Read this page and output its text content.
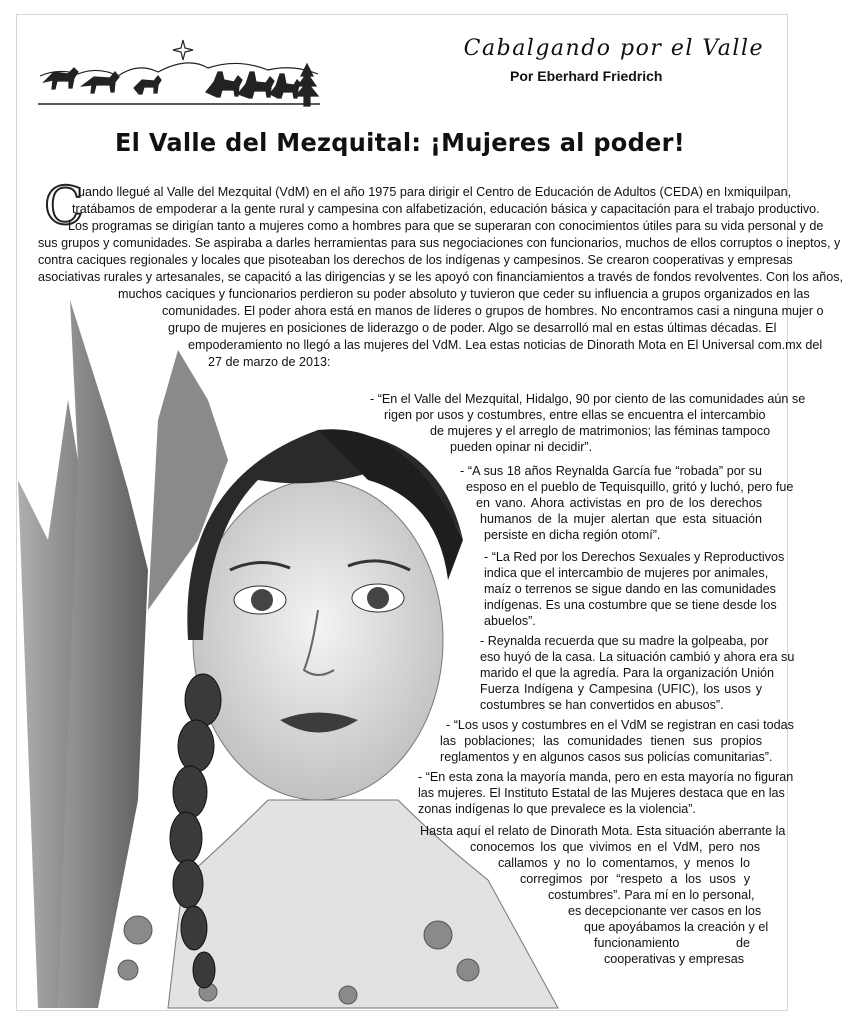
Cabalgando por el Valle
Por Eberhard Friedrich
El Valle del Mezquital: ¡Mujeres al poder!
C
uando llegué al Valle del Mezquital (VdM) en el año 1975 para dirigir el Centro de Educación de Adultos (CEDA) en Ixmiquilpan,
tratábamos de empoderar a la gente rural y campesina con alfabetización, educación básica y capacitación para el trabajo productivo.
Los programas se dirigían tanto a mujeres como a hombres para que se superaran con conocimientos útiles para su vida personal y de
sus grupos y comunidades. Se aspiraba a darles herramientas para sus negociaciones con funcionarios, muchos de ellos corruptos o ineptos, y
contra caciques regionales y locales que pisoteaban los derechos de los indígenas y campesinos. Se crearon cooperativas y empresas
asociativas rurales y artesanales, se capacitó a las dirigencias y se les apoyó con financiamientos a través de fondos revolventes. Con los años,
muchos caciques y funcionarios perdieron su poder absoluto y tuvieron que ceder su influencia a grupos organizados en las
comunidades. El poder ahora está en manos de líderes o grupos de hombres. No encontramos casi a ninguna mujer o
grupo de mujeres en posiciones de liderazgo o de poder. Algo se desarrolló mal en estas últimas décadas. El
empoderamiento no llegó a las mujeres del VdM. Lea estas noticias de Dinorath Mota en El Universal com.mx del
27 de marzo de 2013:
- “En el Valle del Mezquital, Hidalgo, 90 por ciento de las comunidades aún se
rigen por usos y costumbres, entre ellas se encuentra el intercambio
de mujeres y el arreglo de matrimonios; las féminas tampoco
pueden opinar ni decidir”.
- “A sus 18 años Reynalda García fue “robada” por su
esposo en el pueblo de Tequisquillo, gritó y luchó, pero fue
en vano. Ahora activistas en pro de los derechos
humanos de la mujer alertan que esta situación
persiste en dicha región otomí”.
- “La Red por los Derechos Sexuales y Reproductivos
indica que el intercambio de mujeres por animales,
maíz o terrenos se sigue dando en las comunidades
indígenas. Es una costumbre que se tiene desde los
abuelos”.
- Reynalda recuerda que su madre la golpeaba, por
eso huyó de la casa. La situación cambió y ahora era su
marido el que la agredía. Para la organización Unión
Fuerza Indígena y Campesina (UFIC), los usos y
costumbres se han convertidos en abusos”.
- “Los usos y costumbres en el VdM se registran en casi todas
las poblaciones; las comunidades tienen sus propios
reglamentos y en algunos casos sus policías comunitarias”.
- “En esta zona la mayoría manda, pero en esta mayoría no figuran
las mujeres. El Instituto Estatal de las Mujeres destaca que en las
zonas indígenas lo que prevalece es la violencia”.
Hasta aquí el relato de Dinorath Mota. Esta situación aberrante la
conocemos los que vivimos en el VdM, pero nos
callamos y no lo comentamos, y menos lo
corregimos por “respeto a los usos y
costumbres”. Para mí en lo personal,
es decepcionante ver casos en los
que apoyábamos la creación y el
funcionamiento de
cooperativas y empresas
